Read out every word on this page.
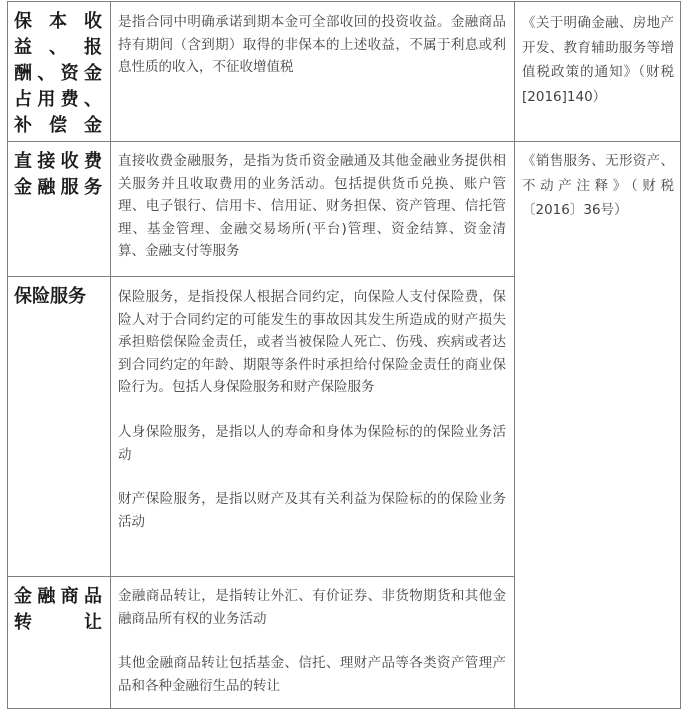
保本收益、报酬、资金占用费、补偿金

是指合同中明确承诺到期本金可全部收回的投资收益。金融商品持有期间（含到期）取得的非保本的上述收益，不属于利息或利息性质的收入，不征收增值税

《关于明确金融、房地产开发、教育辅助服务等增值税政策的通知》（财税[2016]140）
直接收费金融服务

直接收费金融服务，是指为货币资金融通及其他金融业务提供相关服务并且收取费用的业务活动。包括提供货币兑换、账户管理、电子银行、信用卡、信用证、财务担保、资产管理、信托管理、基金管理、金融交易场所(平台)管理、资金结算、资金清算、金融支付等服务

《销售服务、无形资产、不动产注释》（财税〔2016〕36号）
保险服务	保险服务，是指投保人根据合同约定，向保险人支付保险费，保险人对于合同约定的可能发生的事故因其发生所造成的财产损失承担赔偿保险金责任，或者当被保险人死亡、伤残、疾病或者达到合同约定的年龄、期限等条件时承担给付保险金责任的商业保险行为。包括人身保险服务和财产保险服务

人身保险服务，是指以人的寿命和身体为保险标的的保险业务活动

财产保险服务，是指以财产及其有关利益为保险标的的保险业务活动

金融商品转让

金融商品转让，是指转让外汇、有价证券、非货物期货和其他金融商品所有权的业务活动

其他金融商品转让包括基金、信托、理财产品等各类资产管理产品和各种金融衍生品的转让
